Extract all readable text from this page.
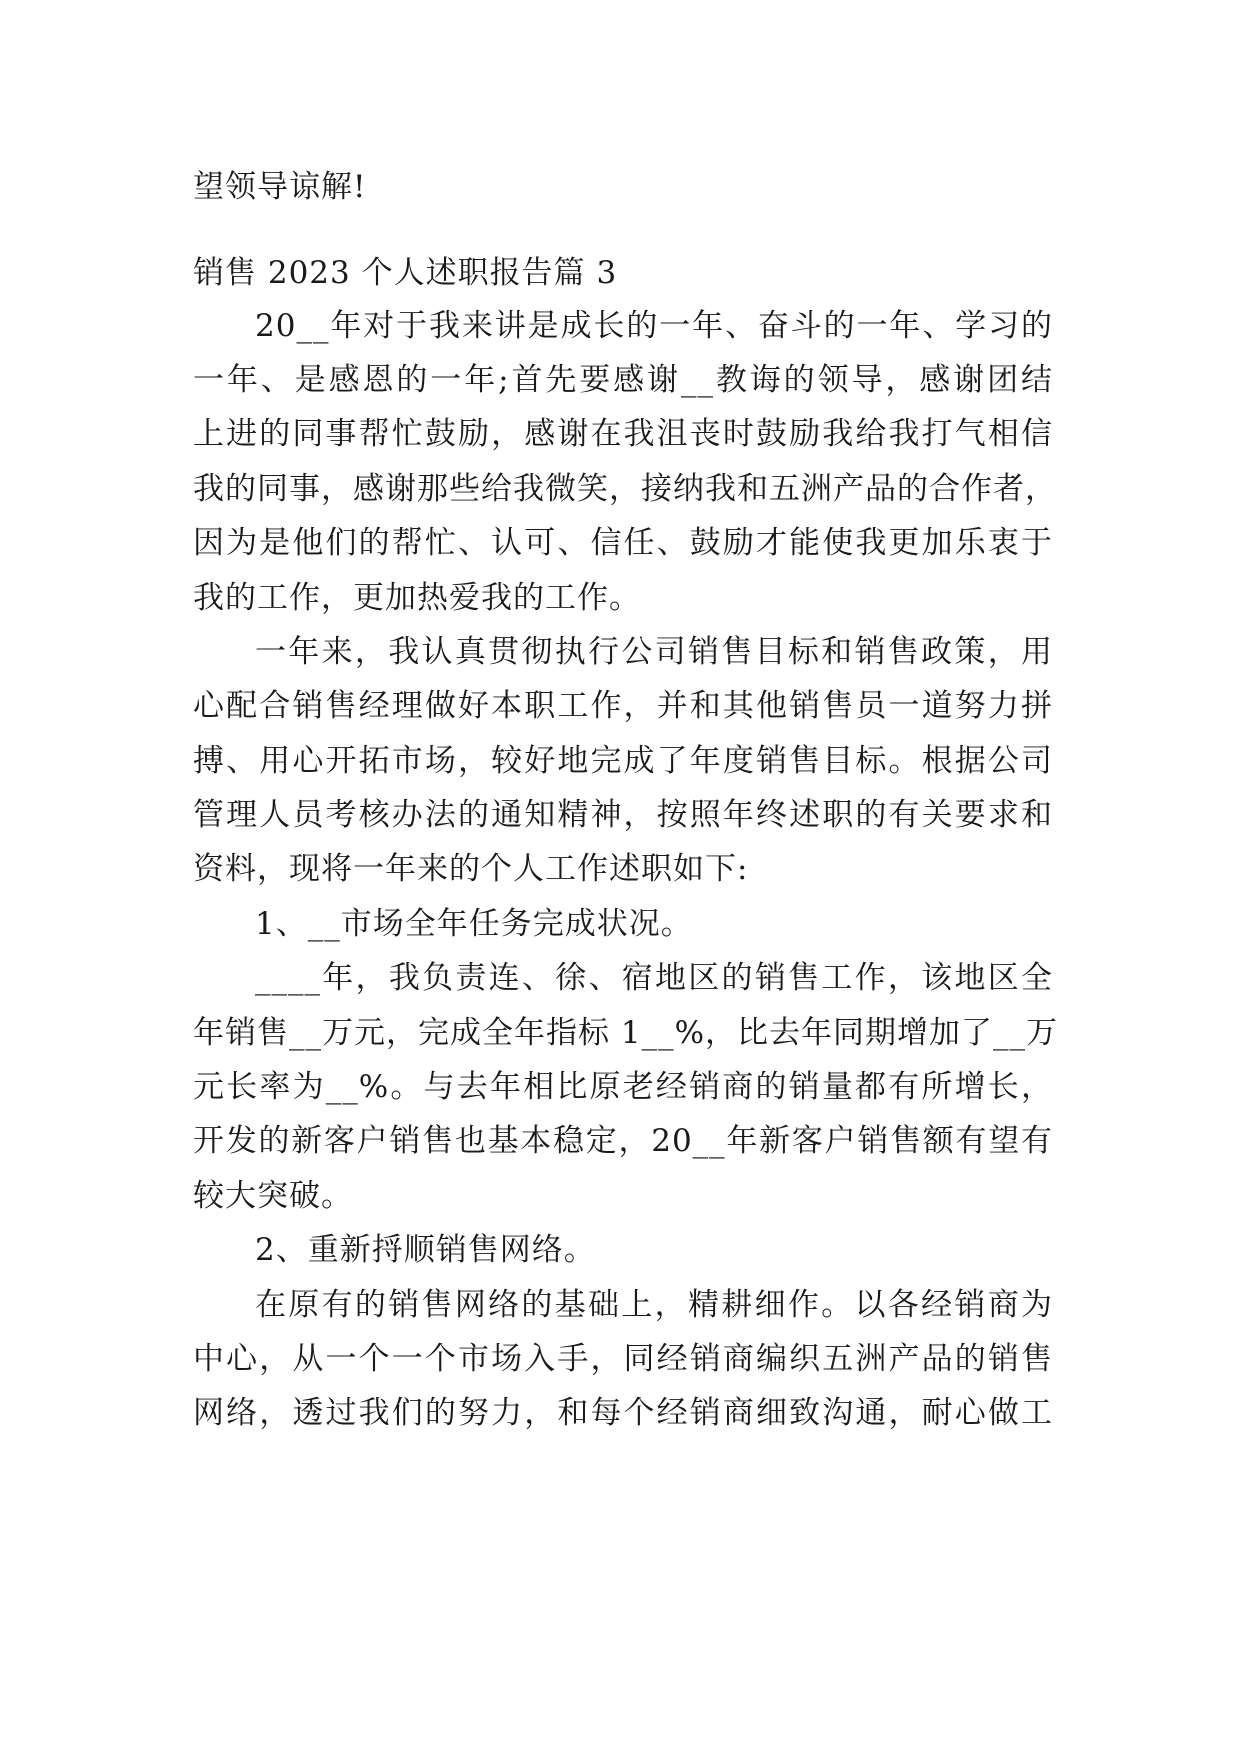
望领导谅解!
销售 2023 个人述职报告篇 3
20__年对于我来讲是成长的一年、奋斗的一年、学习的
一年、是感恩的一年;首先要感谢__教诲的领导，感谢团结
上进的同事帮忙鼓励，感谢在我沮丧时鼓励我给我打气相信
我的同事，感谢那些给我微笑，接纳我和五洲产品的合作者，
因为是他们的帮忙、认可、信任、鼓励才能使我更加乐衷于
我的工作，更加热爱我的工作。
一年来，我认真贯彻执行公司销售目标和销售政策，用
心配合销售经理做好本职工作，并和其他销售员一道努力拼
搏、用心开拓市场，较好地完成了年度销售目标。根据公司
管理人员考核办法的通知精神，按照年终述职的有关要求和
资料，现将一年来的个人工作述职如下:
1、__市场全年任务完成状况。
____年，我负责连、徐、宿地区的销售工作，该地区全
年销售__万元，完成全年指标 1__%，比去年同期增加了__万
元长率为__%。与去年相比原老经销商的销量都有所增长，
开发的新客户销售也基本稳定，20__年新客户销售额有望有
较大突破。
2、重新捋顺销售网络。
在原有的销售网络的基础上，精耕细作。以各经销商为
中心，从一个一个市场入手，同经销商编织五洲产品的销售
网络，透过我们的努力，和每个经销商细致沟通，耐心做工
